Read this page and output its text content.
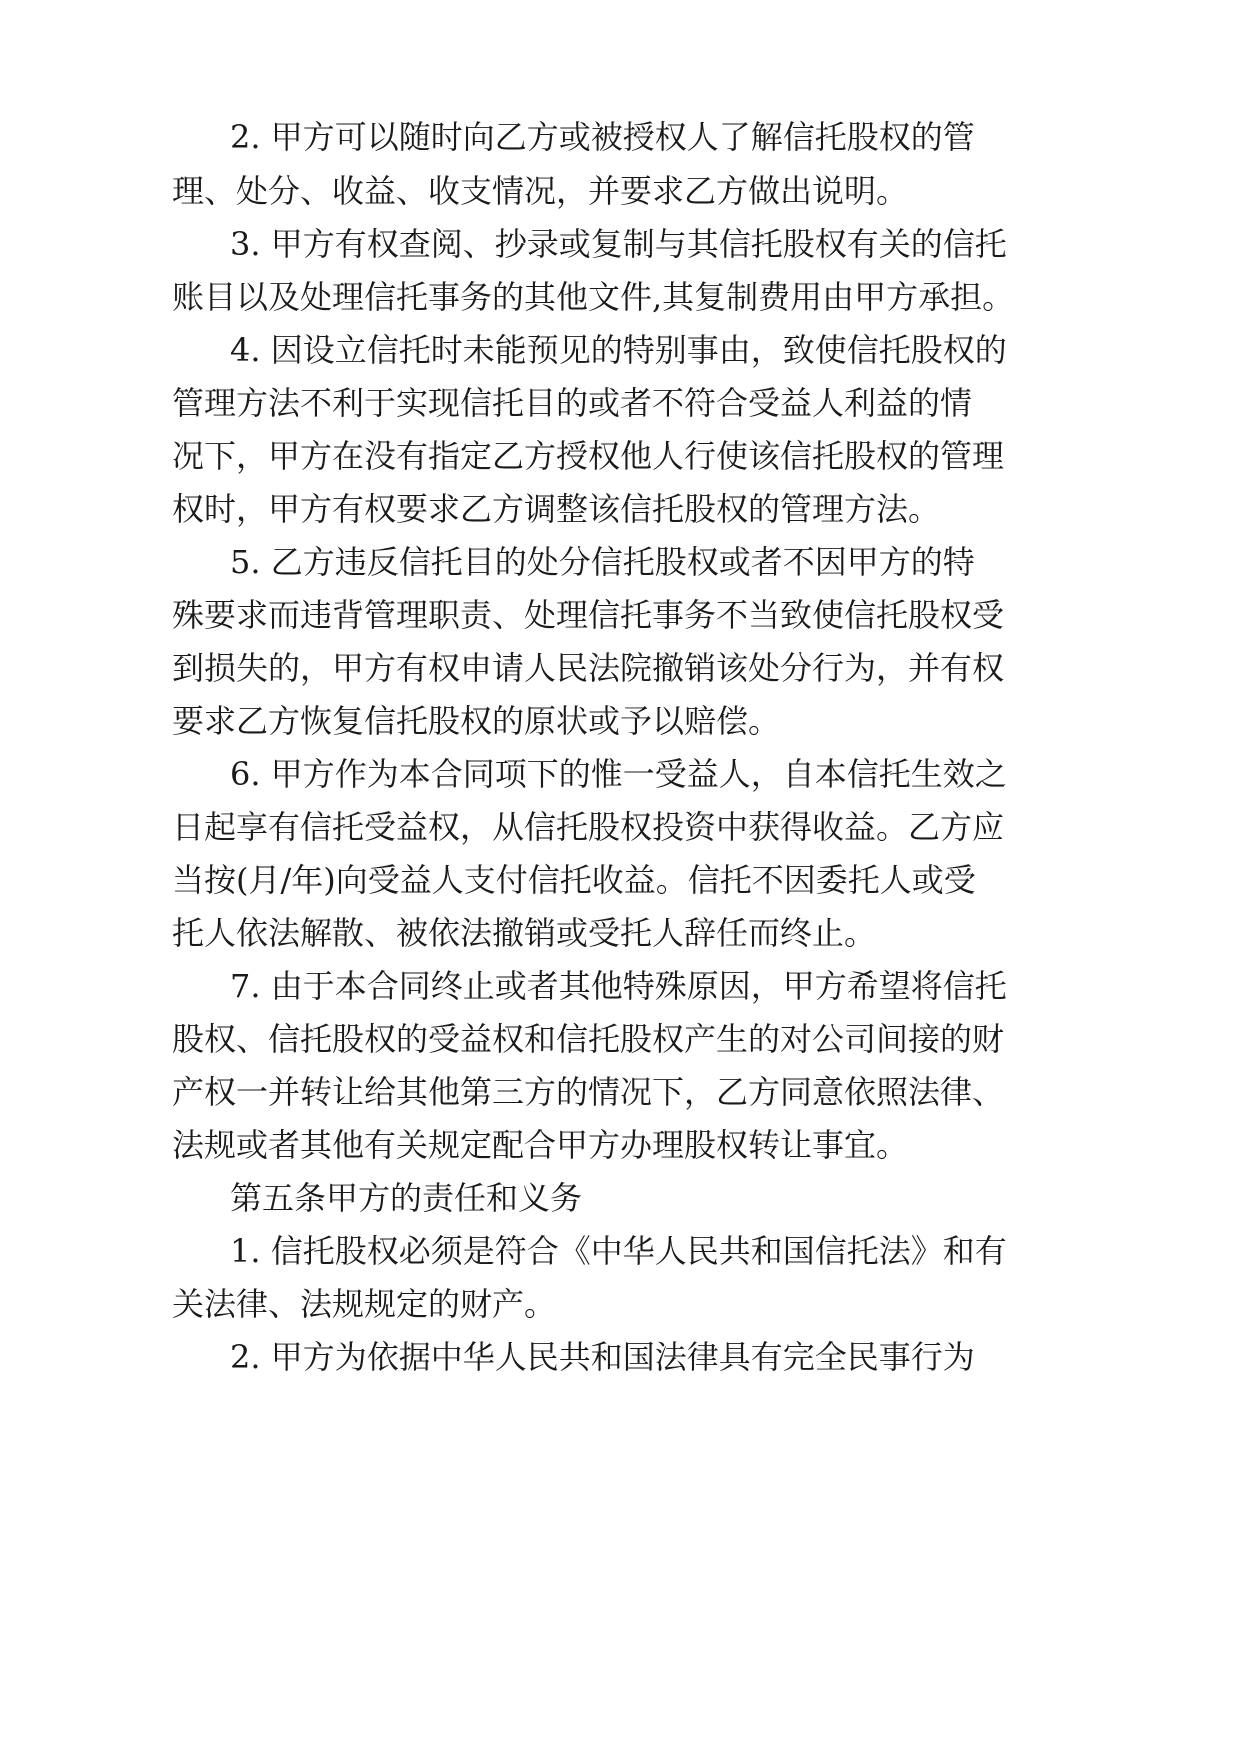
2. 甲方可以随时向乙方或被授权人了解信托股权的管
理、处分、收益、收支情况，并要求乙方做出说明。
3. 甲方有权查阅、抄录或复制与其信托股权有关的信托
账目以及处理信托事务的其他文件,其复制费用由甲方承担。
4. 因设立信托时未能预见的特别事由，致使信托股权的
管理方法不利于实现信托目的或者不符合受益人利益的情
况下，甲方在没有指定乙方授权他人行使该信托股权的管理
权时，甲方有权要求乙方调整该信托股权的管理方法。
5. 乙方违反信托目的处分信托股权或者不因甲方的特
殊要求而违背管理职责、处理信托事务不当致使信托股权受
到损失的，甲方有权申请人民法院撤销该处分行为，并有权
要求乙方恢复信托股权的原状或予以赔偿。
6. 甲方作为本合同项下的惟一受益人，自本信托生效之
日起享有信托受益权，从信托股权投资中获得收益。乙方应
当按(月/年)向受益人支付信托收益。信托不因委托人或受
托人依法解散、被依法撤销或受托人辞任而终止。
7. 由于本合同终止或者其他特殊原因，甲方希望将信托
股权、信托股权的受益权和信托股权产生的对公司间接的财
产权一并转让给其他第三方的情况下，乙方同意依照法律、
法规或者其他有关规定配合甲方办理股权转让事宜。
第五条甲方的责任和义务
1. 信托股权必须是符合《中华人民共和国信托法》和有
关法律、法规规定的财产。
2. 甲方为依据中华人民共和国法律具有完全民事行为
